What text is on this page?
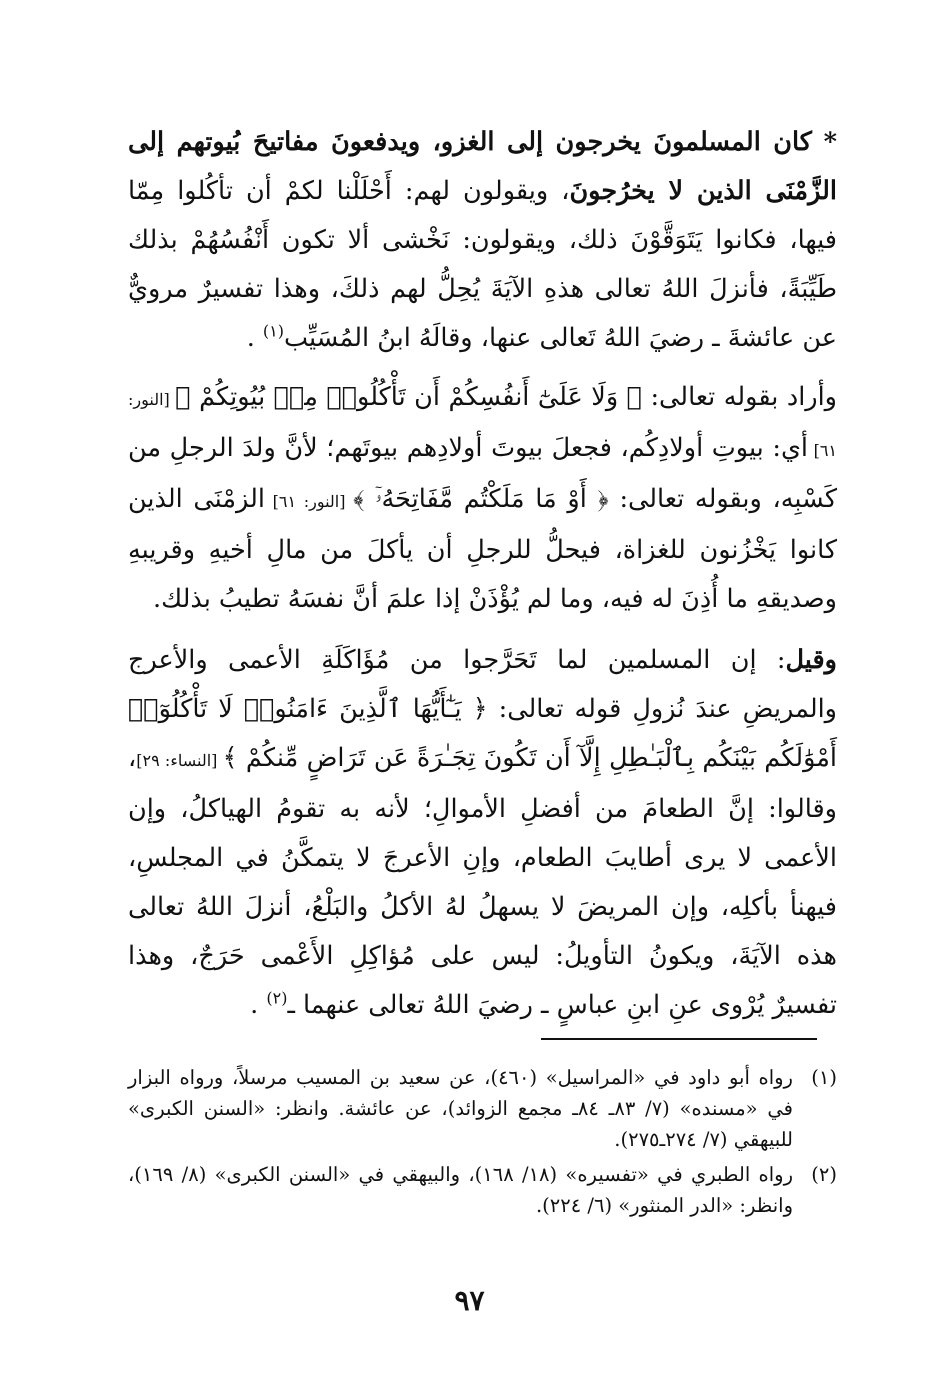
* كان المسلمونَ يخرجون إلى الغزو، ويدفعونَ مفاتيحَ بُيوتهم إلى الزَّمْنَى الذين لا يخرُجونَ، ويقولون لهم: أَحْلَلْنا لكمْ أن تأكُلوا مِمّا فيها، فكانوا يَتَوَقَّوْنَ ذلك، ويقولون: نَخْشى ألا تكون أَنْفُسُهُمْ بذلك طَيِّبَةً، فأنزلَ اللهُ تعالى هذهِ الآيَةَ يُحِلُّ لهم ذلكَ، وهذا تفسيرٌ مرويٌّ عن عائشةَ ـ رضيَ اللهُ تَعالى عنها، وقالَهُ ابنُ المُسَيِّب$^{(١)}$ .

وأراد بقوله تعالى: ﴿ وَلَا عَلَىٰٓ أَنفُسِكُمْ أَن تَأْكُلُوا۟ مِنۢ بُيُوتِكُمْ ﴾ [النور: ٦١] أي: بيوتِ أولادِكُم، فجعلَ بيوتَ أولادِهم بيوتَهم؛ لأنَّ ولدَ الرجلِ من كَسْبِه، وبقوله تعالى: ﴿ أَوْ مَا مَلَكْتُم مَّفَاتِحَهُۥٓ ﴾ [النور: ٦١] الزمْنَى الذين كانوا يَخْزُنون للغزاة، فيحلُّ للرجلِ أن يأكلَ من مالِ أخيهِ وقريبهِ وصديقهِ ما أُذِنَ له فيه، وما لم يُؤْذَنْ إذا علمَ أنَّ نفسَهُ تطيبُ بذلك.

وقيل: إن المسلمين لما تَحَرَّجوا من مُؤَاكَلَةِ الأعمى والأعرج والمريضِ عندَ نُزولِ قوله تعالى: ﴿ يَـٰٓأَيُّهَا ٱلَّذِينَ ءَامَنُوا۟ لَا تَأْكُلُوٓا۟ أَمْوَٰلَكُم بَيْنَكُم بِٱلْبَـٰطِلِ إِلَّآ أَن تَكُونَ تِجَـٰرَةً عَن تَرَاضٍ مِّنكُمْ ﴾ [النساء: ٢٩]، وقالوا: إنَّ الطعامَ من أفضلِ الأموالِ؛ لأنه به تقومُ الهياكلُ، وإن الأعمى لا يرى أطايبَ الطعام، وإنِ الأعرجَ لا يتمكَّنُ في المجلسِ، فيهنأ بأكلِه، وإن المريضَ لا يسهلُ لهُ الأكلُ والبَلْعُ، أنزلَ اللهُ تعالى هذه الآيَةَ، ويكونُ التأويلُ: ليس على مُؤاكِلِ الأَعْمى حَرَجٌ، وهذا تفسيرٌ يُرْوى عنِ ابنِ عباسٍ ـ رضيَ اللهُ تعالى عنهما ـ$^{(٢)}$ .

(١)
رواه أبو داود في «المراسيل» (٤٦٠)، عن سعيد بن المسيب مرسلاً، ورواه البزار في «مسنده» (٧/ ٨٣ـ ٨٤ـ مجمع الزوائد)، عن عائشة. وانظر: «السنن الكبرى» للبيهقي (٧/ ٢٧٤ـ٢٧٥).
(٢)
رواه الطبري في «تفسيره» (١٨/ ١٦٨)، والبيهقي في «السنن الكبرى» (٨/ ١٦٩)، وانظر: «الدر المنثور» (٦/ ٢٢٤).
٩٧
